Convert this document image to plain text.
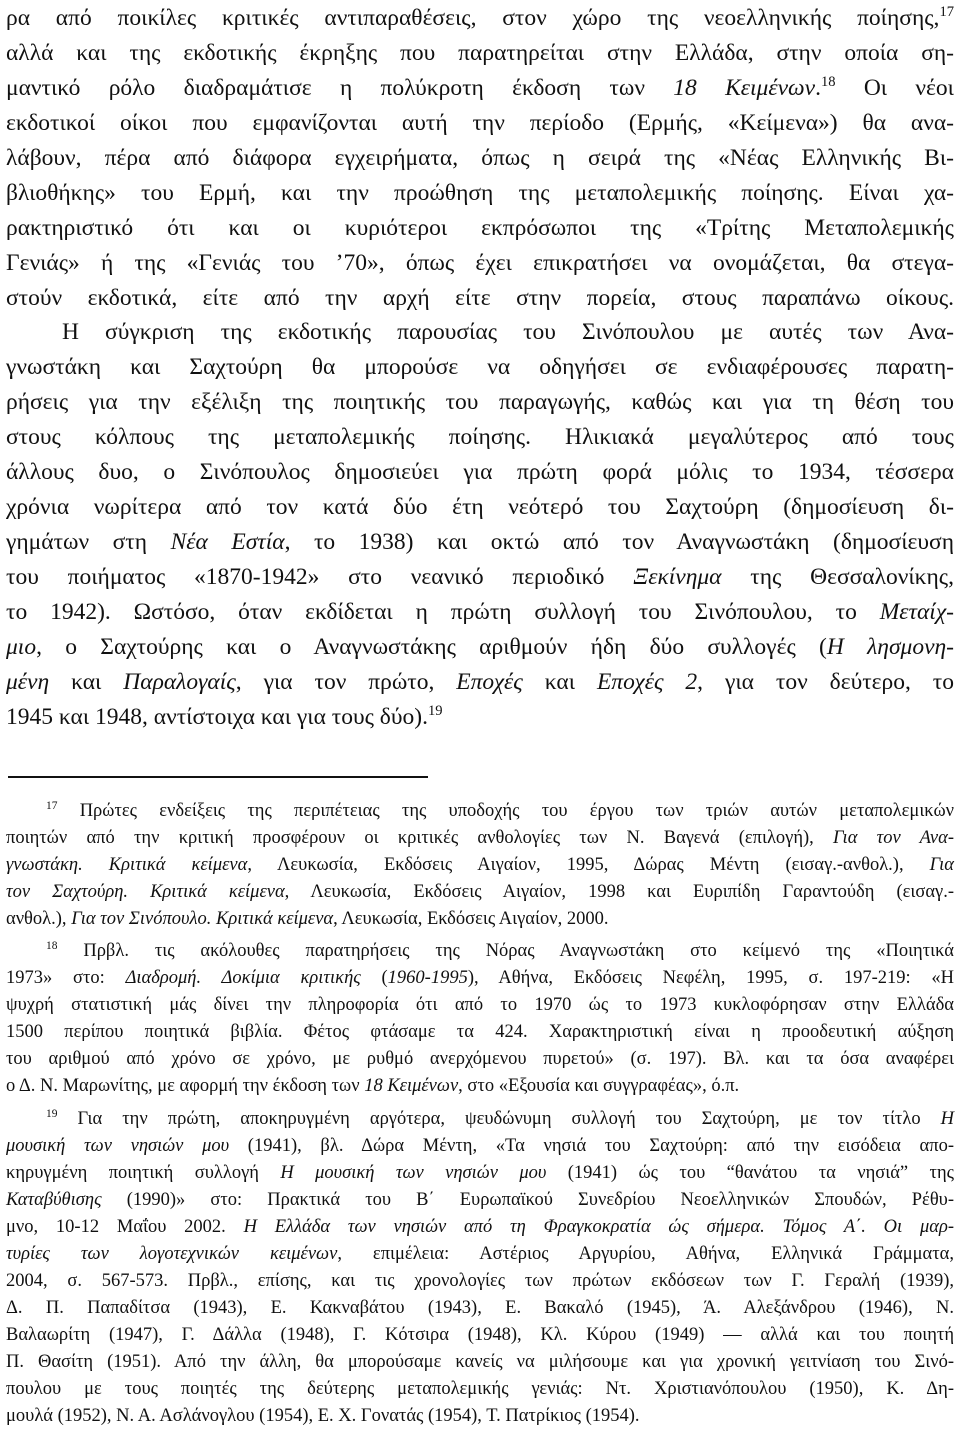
ρα από ποικίλες κριτικές αντιπαραθέσεις, στον χώρο της νεοελληνικής ποίησης,$^{17}$
αλλά και της εκδοτικής έκρηξης που παρατηρείται στην Ελλάδα, στην οποία ση-
μαντικό ρόλο διαδραμάτισε η πολύκροτη έκδοση των 18 Κειμένων.$^{18}$ Οι νέοι
εκδοτικοί οίκοι που εμφανίζονται αυτή την περίοδο (Ερμής, «Κείμενα») θα ανα-
λάβουν, πέρα από διάφορα εγχειρήματα, όπως η σειρά της «Νέας Ελληνικής Βι-
βλιοθήκης» του Ερμή, και την προώθηση της μεταπολεμικής ποίησης. Είναι χα-
ρακτηριστικό ότι και οι κυριότεροι εκπρόσωποι της «Τρίτης Μεταπολεμικής
Γενιάς» ή της «Γενιάς του ’70», όπως έχει επικρατήσει να ονομάζεται, θα στεγα-
στούν εκδοτικά, είτε από την αρχή είτε στην πορεία, στους παραπάνω οίκους.
Η σύγκριση της εκδοτικής παρουσίας του Σινόπουλου με αυτές των Ανα-
γνωστάκη και Σαχτούρη θα μπορούσε να οδηγήσει σε ενδιαφέρουσες παρατη-
ρήσεις για την εξέλιξη της ποιητικής του παραγωγής, καθώς και για τη θέση του
στους κόλπους της μεταπολεμικής ποίησης. Ηλικιακά μεγαλύτερος από τους
άλλους δυο, ο Σινόπουλος δημοσιεύει για πρώτη φορά μόλις το 1934, τέσσερα
χρόνια νωρίτερα από τον κατά δύο έτη νεότερό του Σαχτούρη (δημοσίευση δι-
γημάτων στη Νέα Εστία, το 1938) και οκτώ από τον Αναγνωστάκη (δημοσίευση
του ποιήματος «1870-1942» στο νεανικό περιοδικό Ξεκίνημα της Θεσσαλονίκης,
το 1942). Ωστόσο, όταν εκδίδεται η πρώτη συλλογή του Σινόπουλου, το Μεταίχ-
μιο, ο Σαχτούρης και ο Αναγνωστάκης αριθμούν ήδη δύο συλλογές (Η λησμονη-
μένη και Παραλογαίς, για τον πρώτο, Εποχές και Εποχές 2, για τον δεύτερο, το
1945 και 1948, αντίστοιχα και για τους δύο).$^{19}$
$^{17}$ Πρώτες ενδείξεις της περιπέτειας της υποδοχής του έργου των τριών αυτών μεταπολεμικών
ποιητών από την κριτική προσφέρουν οι κριτικές ανθολογίες των Ν. Βαγενά (επιλογή), Για τον Ανα-
γνωστάκη. Κριτικά κείμενα, Λευκωσία, Εκδόσεις Αιγαίον, 1995, Δώρας Μέντη (εισαγ.-ανθολ.), Για
τον Σαχτούρη. Κριτικά κείμενα, Λευκωσία, Εκδόσεις Αιγαίον, 1998 και Ευριπίδη Γαραντούδη (εισαγ.-
ανθολ.), Για τον Σινόπουλο. Κριτικά κείμενα, Λευκωσία, Εκδόσεις Αιγαίον, 2000.
$^{18}$ Πρβλ. τις ακόλουθες παρατηρήσεις της Νόρας Αναγνωστάκη στο κείμενό της «Ποιητικά
1973» στο: Διαδρομή. Δοκίμια κριτικής (1960-1995), Αθήνα, Εκδόσεις Νεφέλη, 1995, σ. 197-219: «Η
ψυχρή στατιστική μάς δίνει την πληροφορία ότι από το 1970 ώς το 1973 κυκλοφόρησαν στην Ελλάδα
1500 περίπου ποιητικά βιβλία. Φέτος φτάσαμε τα 424. Χαρακτηριστική είναι η προοδευτική αύξηση
του αριθμού από χρόνο σε χρόνο, με ρυθμό ανερχόμενου πυρετού» (σ. 197). Βλ. και τα όσα αναφέρει
ο Δ. Ν. Μαρωνίτης, με αφορμή την έκδοση των 18 Κειμένων, στο «Εξουσία και συγγραφέας», ό.π.
$^{19}$ Για την πρώτη, αποκηρυγμένη αργότερα, ψευδώνυμη συλλογή του Σαχτούρη, με τον τίτλο Η
μουσική των νησιών μου (1941), βλ. Δώρα Μέντη, «Τα νησιά του Σαχτούρη: από την εισόδεια απο-
κηρυγμένη ποιητική συλλογή Η μουσική των νησιών μου (1941) ώς του “θανάτου τα νησιά” της
Καταβύθισης (1990)» στο: Πρακτικά του Β΄ Ευρωπαϊκού Συνεδρίου Νεοελληνικών Σπουδών, Ρέθυ-
μνο, 10-12 Μαΐου 2002. Η Ελλάδα των νησιών από τη Φραγκοκρατία ώς σήμερα. Τόμος Α΄. Οι μαρ-
τυρίες των λογοτεχνικών κειμένων, επιμέλεια: Αστέριος Αργυρίου, Αθήνα, Ελληνικά Γράμματα,
2004, σ. 567-573. Πρβλ., επίσης, και τις χρονολογίες των πρώτων εκδόσεων των Γ. Γεραλή (1939),
Δ. Π. Παπαδίτσα (1943), Ε. Κακναβάτου (1943), Ε. Βακαλό (1945), Ά. Αλεξάνδρου (1946), Ν.
Βαλαωρίτη (1947), Γ. Δάλλα (1948), Γ. Κότσιρα (1948), Κλ. Κύρου (1949) — αλλά και του ποιητή
Π. Θασίτη (1951). Από την άλλη, θα μπορούσαμε κανείς να μιλήσουμε και για χρονική γειτνίαση του Σινό-
πουλου με τους ποιητές της δεύτερης μεταπολεμικής γενιάς: Ντ. Χριστιανόπουλου (1950), Κ. Δη-
μουλά (1952), Ν. Α. Ασλάνογλου (1954), Ε. Χ. Γονατάς (1954), Τ. Πατρίκιος (1954).
